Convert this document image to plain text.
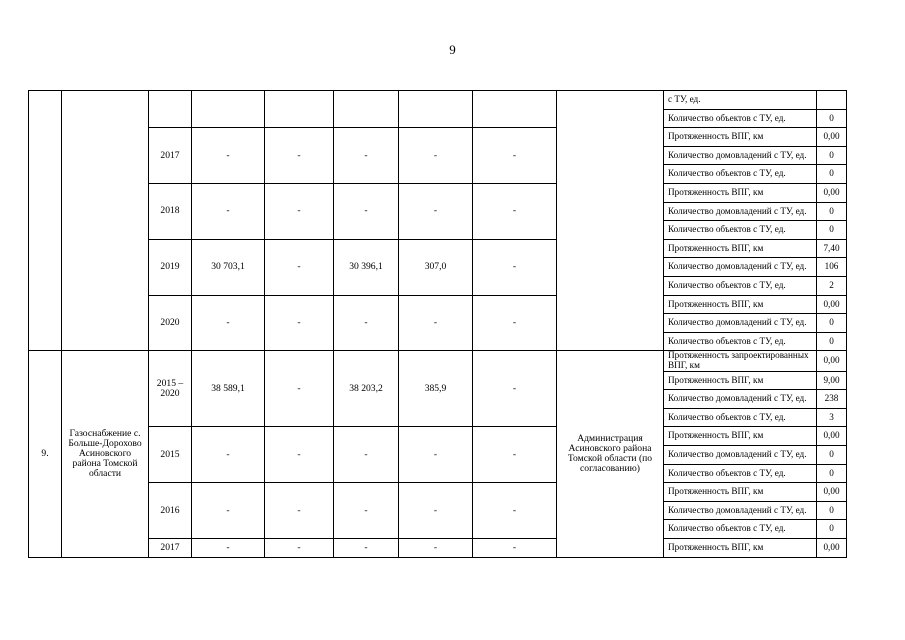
9
									с ТУ, ед.	
									Количество объектов с ТУ, ед.	0
		2017	-	-	-	-	-		Протяженность ВПГ, км	0,00
									Количество домовладений с ТУ, ед.	0
									Количество объектов с ТУ, ед.	0
		2018	-	-	-	-	-		Протяженность ВПГ, км	0,00
									Количество домовладений с ТУ, ед.	0
									Количество объектов с ТУ, ед.	0
		2019	30 703,1	-	30 396,1	307,0	-		Протяженность ВПГ, км	7,40
									Количество домовладений с ТУ, ед.	106
									Количество объектов с ТУ, ед.	2
		2020	-	-	-	-	-		Протяженность ВПГ, км	0,00
									Количество домовладений с ТУ, ед.	0
									Количество объектов с ТУ, ед.	0
9.	Газоснабжение с. Больше-Дорохово Асиновского района Томской области	2015 – 2020	38 589,1	-	38 203,2	385,9	-	Администрация Асиновского района Томской области (по согласованию)	Протяженность запроектированных ВПГ, км	0,00
									Протяженность ВПГ, км	9,00
									Количество домовладений с ТУ, ед.	238
									Количество объектов с ТУ, ед.	3
		2015	-	-	-	-	-		Протяженность ВПГ, км	0,00
									Количество домовладений с ТУ, ед.	0
									Количество объектов с ТУ, ед.	0
		2016	-	-	-	-	-		Протяженность ВПГ, км	0,00
									Количество домовладений с ТУ, ед.	0
									Количество объектов с ТУ, ед.	0
		2017	-	-	-	-	-		Протяженность ВПГ, км	0,00
